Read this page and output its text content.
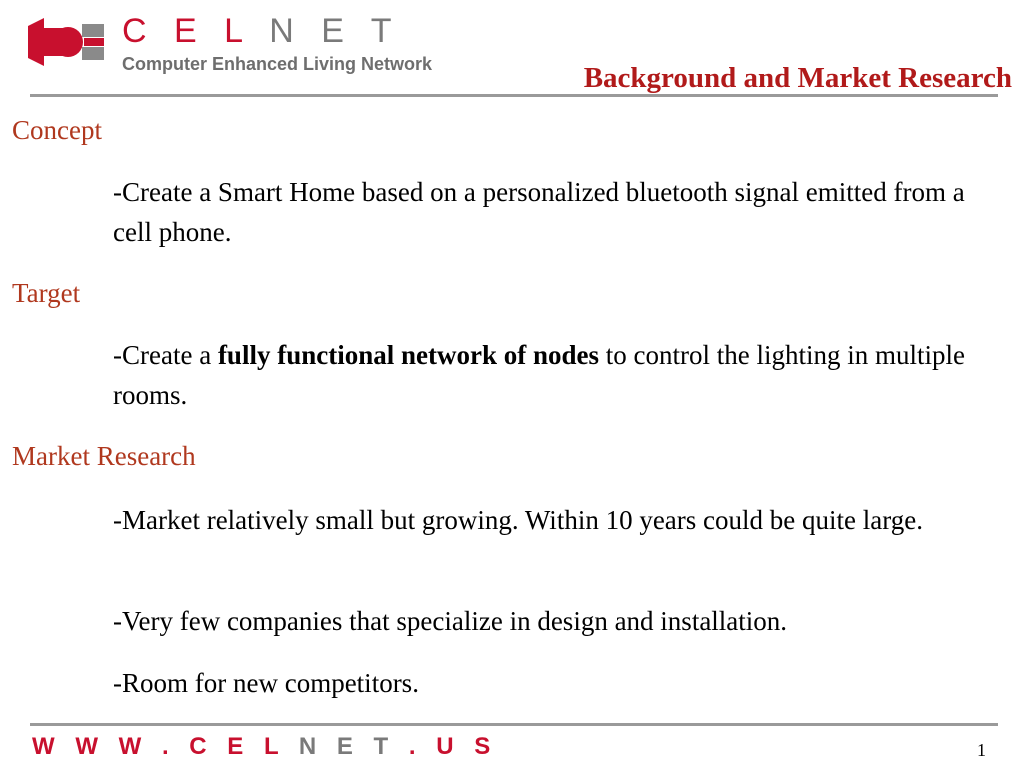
C E L N E T
Computer Enhanced Living Network	Background and Market Research
Concept
-Create a Smart Home based on a personalized bluetooth signal emitted from a cell phone.
Target
-Create a fully functional network of nodes to control the lighting in multiple rooms.
Market Research
-Market relatively small but growing. Within 10 years could be quite large.
-Very few companies that specialize in design and installation.
-Room for new competitors.
W W W . C E L N E T . U S	1
